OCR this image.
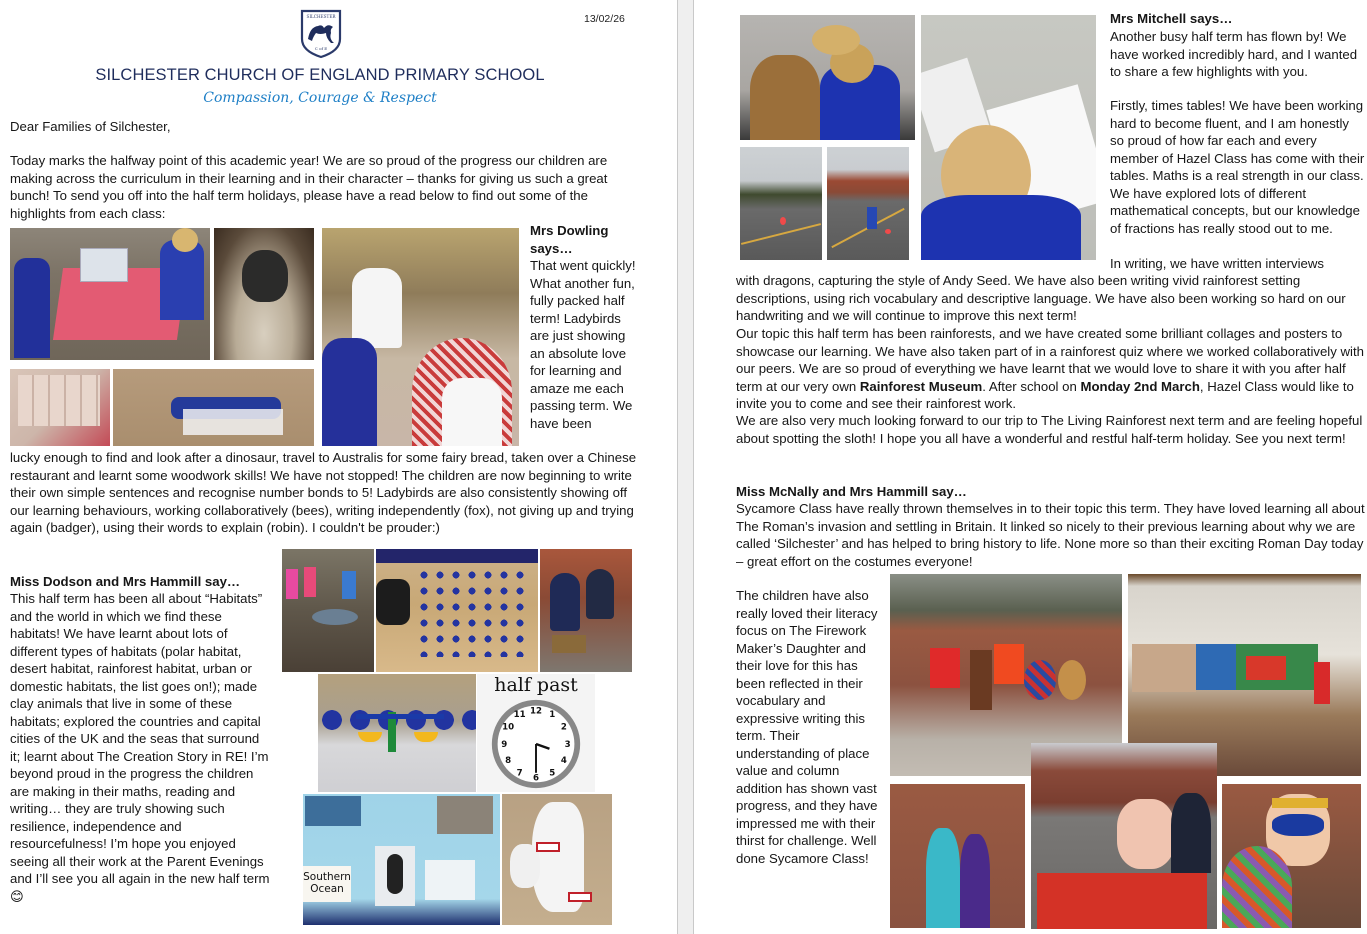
SILCHESTER
C of E
13/02/26
SILCHESTER CHURCH OF ENGLAND PRIMARY SCHOOL
Compassion, Courage & Respect
Dear Families of Silchester,
Today marks the halfway point of this academic year! We are so proud of the progress our children are making across the curriculum in their learning and in their character – thanks for giving us such a great bunch! To send you off into the half term holidays, please have a read below to find out some of the highlights from each class:
Mrs Dowling says…
That went quickly! What another fun, fully packed half term! Ladybirds are just showing an absolute love for learning and amaze me each passing term. We have been
lucky enough to find and look after a dinosaur, travel to Australis for some fairy bread, taken over a Chinese restaurant and learnt some woodwork skills! We have not stopped! The children are now beginning to write their own simple sentences and recognise number bonds to 5! Ladybirds are also consistently showing off our learning behaviours, working collaboratively (bees), writing independently (fox), not giving up and trying again (badger), using their words to explain (robin). I couldn't be prouder:)
Miss Dodson and Mrs Hammill say…
This half term has been all about “Habitats” and the world in which we find these habitats! We have learnt about lots of different types of habitats (polar habitat, desert habitat, rainforest habitat, urban or domestic habitats, the list goes on!); made clay animals that live in some of these habitats; explored the countries and capital cities of the UK and the seas that surround it; learnt about The Creation Story in RE! I’m beyond proud in the progress the children are making in their maths, reading and writing… they are truly showing such resilience, independence and resourcefulness! I’m hope you enjoyed seeing all their work at the Parent Evenings and I’ll see you all again in the new half term 😊
half past
12 1
2
3
4
5
6
7
8
9
10
11
Southern Ocean
Mrs Mitchell says…
Another busy half term has flown by! We have worked incredibly hard, and I wanted to share a few highlights with you.
Firstly, times tables! We have been working hard to become fluent, and I am honestly so proud of how far each and every member of Hazel Class has come with their tables. Maths is a real strength in our class. We have explored lots of different mathematical concepts, but our knowledge of fractions has really stood out to me.
In writing, we have written interviews
with dragons, capturing the style of Andy Seed. We have also been writing vivid rainforest setting descriptions, using rich vocabulary and descriptive language. We have also been working so hard on our handwriting and we will continue to improve this next term!
Our topic this half term has been rainforests, and we have created some brilliant collages and posters to showcase our learning. We have also taken part of in a rainforest quiz where we worked collaboratively with our peers. We are so proud of everything we have learnt that we would love to share it with you after half term at our very own Rainforest Museum. After school on Monday 2nd March, Hazel Class would like to invite you to come and see their rainforest work.
We are also very much looking forward to our trip to The Living Rainforest next term and are feeling hopeful about spotting the sloth! I hope you all have a wonderful and restful half-term holiday. See you next term!
Miss McNally and Mrs Hammill say…
Sycamore Class have really thrown themselves in to their topic this term. They have loved learning all about The Roman’s invasion and settling in Britain. It linked so nicely to their previous learning about why we are called ‘Silchester’ and has helped to bring history to life. None more so than their exciting Roman Day today – great effort on the costumes everyone!
The children have also really loved their literacy focus on The Firework Maker’s Daughter and their love for this has been reflected in their vocabulary and expressive writing this term. Their understanding of place value and column addition has shown vast progress, and they have impressed me with their thirst for challenge. Well done Sycamore Class!
